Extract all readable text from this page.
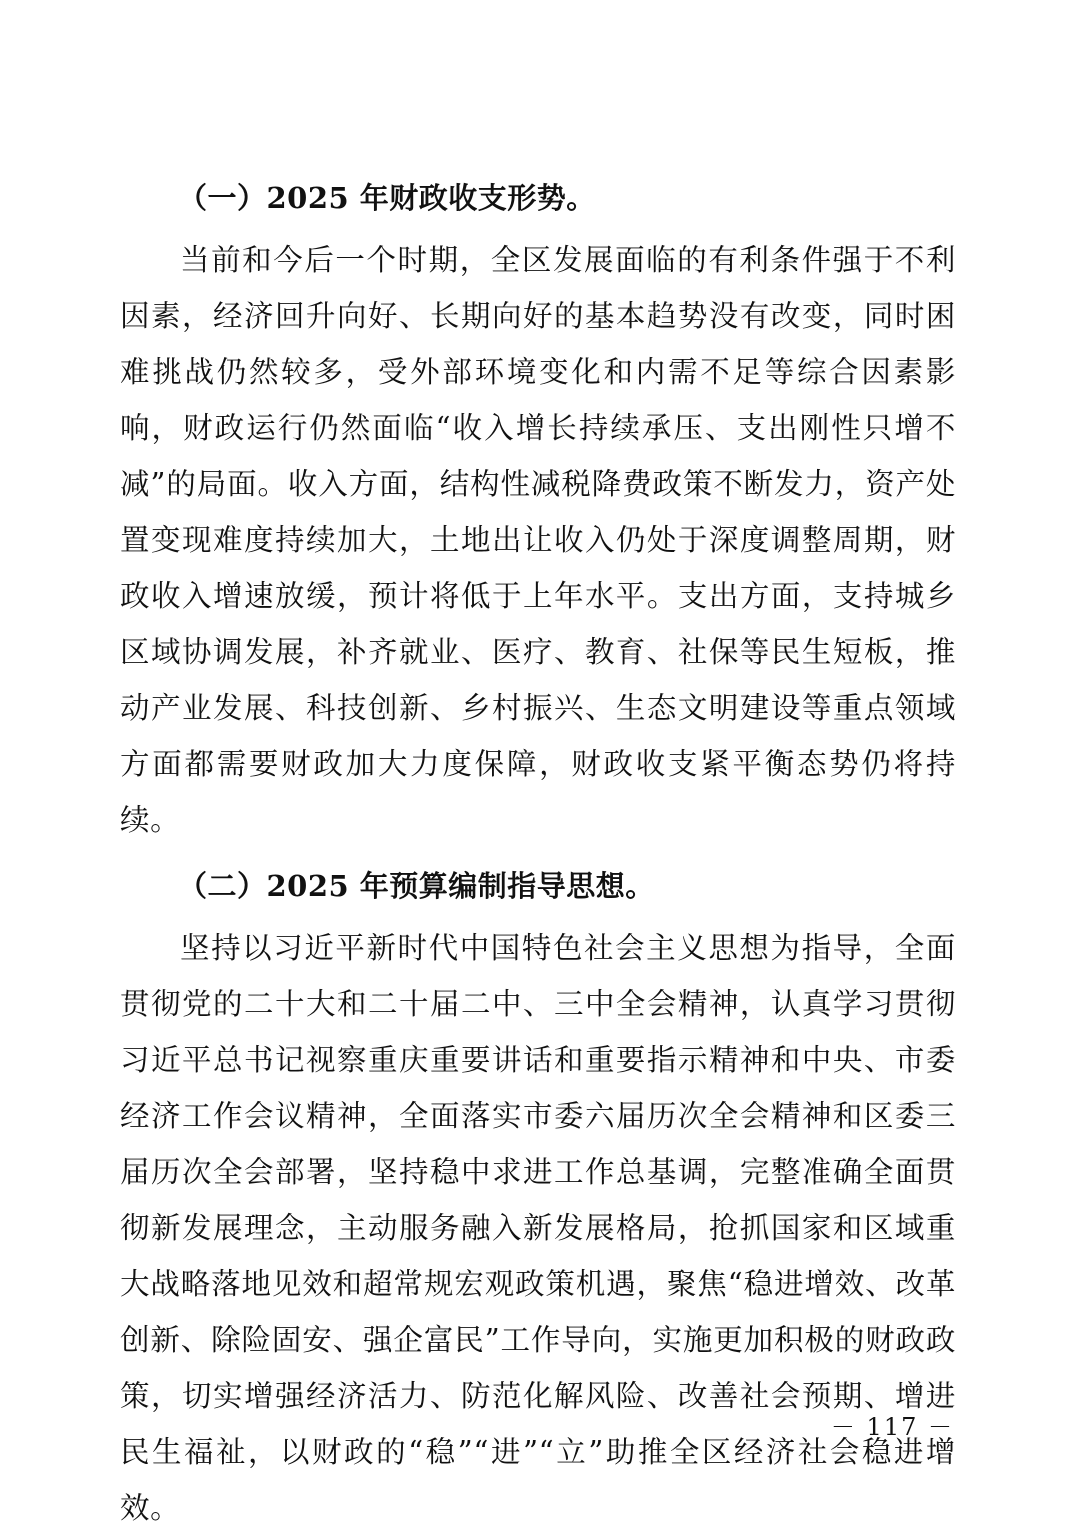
（一）2025 年财政收支形势。

当前和今后一个时期，全区发展面临的有利条件强于不利因素，经济回升向好、长期向好的基本趋势没有改变，同时困难挑战仍然较多，受外部环境变化和内需不足等综合因素影响，财政运行仍然面临“收入增长持续承压、支出刚性只增不减”的局面。收入方面，结构性减税降费政策不断发力，资产处置变现难度持续加大，土地出让收入仍处于深度调整周期，财政收入增速放缓，预计将低于上年水平。支出方面，支持城乡区域协调发展，补齐就业、医疗、教育、社保等民生短板，推动产业发展、科技创新、乡村振兴、生态文明建设等重点领域方面都需要财政加大力度保障，财政收支紧平衡态势仍将持续。

（二）2025 年预算编制指导思想。

坚持以习近平新时代中国特色社会主义思想为指导，全面贯彻党的二十大和二十届二中、三中全会精神，认真学习贯彻习近平总书记视察重庆重要讲话和重要指示精神和中央、市委经济工作会议精神，全面落实市委六届历次全会精神和区委三届历次全会部署，坚持稳中求进工作总基调，完整准确全面贯彻新发展理念，主动服务融入新发展格局，抢抓国家和区域重大战略落地见效和超常规宏观政策机遇，聚焦“稳进增效、改革创新、除险固安、强企富民”工作导向，实施更加积极的财政政策，切实增强经济活力、防范化解风险、改善社会预期、增进民生福祉，以财政的“稳”“进”“立”助推全区经济社会稳进增效。

－ 117 －
